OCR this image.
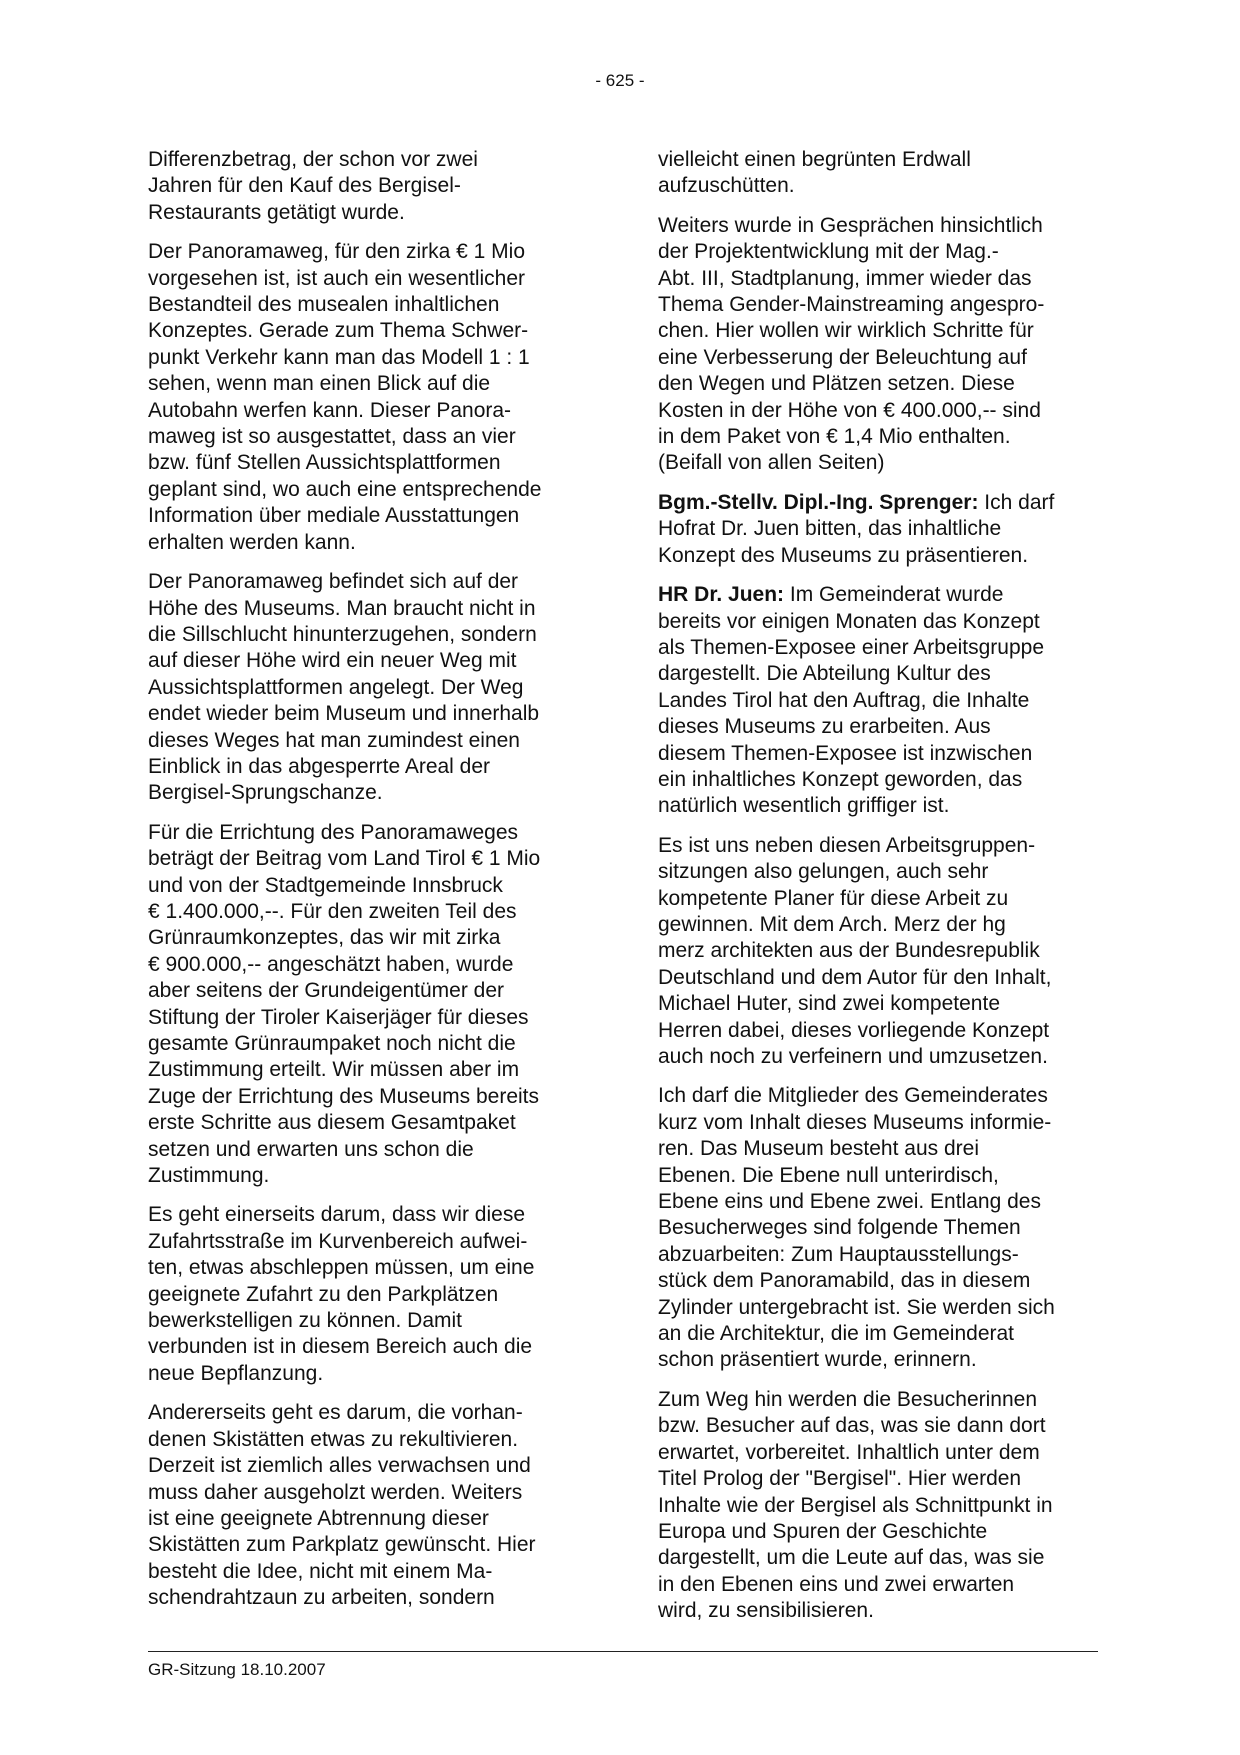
- 625 -

Differenzbetrag, der schon vor zwei
Jahren für den Kauf des Bergisel-
Restaurants getätigt wurde.

Der Panoramaweg, für den zirka € 1 Mio
vorgesehen ist, ist auch ein wesentlicher
Bestandteil des musealen inhaltlichen
Konzeptes. Gerade zum Thema Schwer-
punkt Verkehr kann man das Modell 1 : 1
sehen, wenn man einen Blick auf die
Autobahn werfen kann. Dieser Panora-
maweg ist so ausgestattet, dass an vier
bzw. fünf Stellen Aussichtsplattformen
geplant sind, wo auch eine entsprechende
Information über mediale Ausstattungen
erhalten werden kann.

Der Panoramaweg befindet sich auf der
Höhe des Museums. Man braucht nicht in
die Sillschlucht hinunterzugehen, sondern
auf dieser Höhe wird ein neuer Weg mit
Aussichtsplattformen angelegt. Der Weg
endet wieder beim Museum und innerhalb
dieses Weges hat man zumindest einen
Einblick in das abgesperrte Areal der
Bergisel-Sprungschanze.

Für die Errichtung des Panoramaweges
beträgt der Beitrag vom Land Tirol € 1 Mio
und von der Stadtgemeinde Innsbruck
€ 1.400.000,--. Für den zweiten Teil des
Grünraumkonzeptes, das wir mit zirka
€ 900.000,-- angeschätzt haben, wurde
aber seitens der Grundeigentümer der
Stiftung der Tiroler Kaiserjäger für dieses
gesamte Grünraumpaket noch nicht die
Zustimmung erteilt. Wir müssen aber im
Zuge der Errichtung des Museums bereits
erste Schritte aus diesem Gesamtpaket
setzen und erwarten uns schon die
Zustimmung.

Es geht einerseits darum, dass wir diese
Zufahrtsstraße im Kurvenbereich aufwei-
ten, etwas abschleppen müssen, um eine
geeignete Zufahrt zu den Parkplätzen
bewerkstelligen zu können. Damit
verbunden ist in diesem Bereich auch die
neue Bepflanzung.

Andererseits geht es darum, die vorhan-
denen Skistätten etwas zu rekultivieren.
Derzeit ist ziemlich alles verwachsen und
muss daher ausgeholzt werden. Weiters
ist eine geeignete Abtrennung dieser
Skistätten zum Parkplatz gewünscht. Hier
besteht die Idee, nicht mit einem Ma-
schendrahtzaun zu arbeiten, sondern

vielleicht einen begrünten Erdwall
aufzuschütten.

Weiters wurde in Gesprächen hinsichtlich
der Projektentwicklung mit der Mag.-
Abt. III, Stadtplanung, immer wieder das
Thema Gender-Mainstreaming angespro-
chen. Hier wollen wir wirklich Schritte für
eine Verbesserung der Beleuchtung auf
den Wegen und Plätzen setzen. Diese
Kosten in der Höhe von € 400.000,-- sind
in dem Paket von € 1,4 Mio enthalten.
(Beifall von allen Seiten)

Bgm.-Stellv. Dipl.-Ing. Sprenger: Ich darf
Hofrat Dr. Juen bitten, das inhaltliche
Konzept des Museums zu präsentieren.

HR Dr. Juen: Im Gemeinderat wurde
bereits vor einigen Monaten das Konzept
als Themen-Exposee einer Arbeitsgruppe
dargestellt. Die Abteilung Kultur des
Landes Tirol hat den Auftrag, die Inhalte
dieses Museums zu erarbeiten. Aus
diesem Themen-Exposee ist inzwischen
ein inhaltliches Konzept geworden, das
natürlich wesentlich griffiger ist.

Es ist uns neben diesen Arbeitsgruppen-
sitzungen also gelungen, auch sehr
kompetente Planer für diese Arbeit zu
gewinnen. Mit dem Arch. Merz der hg
merz architekten aus der Bundesrepublik
Deutschland und dem Autor für den Inhalt,
Michael Huter, sind zwei kompetente
Herren dabei, dieses vorliegende Konzept
auch noch zu verfeinern und umzusetzen.

Ich darf die Mitglieder des Gemeinderates
kurz vom Inhalt dieses Museums informie-
ren. Das Museum besteht aus drei
Ebenen. Die Ebene null unterirdisch,
Ebene eins und Ebene zwei. Entlang des
Besucherweges sind folgende Themen
abzuarbeiten: Zum Hauptausstellungs-
stück dem Panoramabild, das in diesem
Zylinder untergebracht ist. Sie werden sich
an die Architektur, die im Gemeinderat
schon präsentiert wurde, erinnern.

Zum Weg hin werden die Besucherinnen
bzw. Besucher auf das, was sie dann dort
erwartet, vorbereitet. Inhaltlich unter dem
Titel Prolog der "Bergisel". Hier werden
Inhalte wie der Bergisel als Schnittpunkt in
Europa und Spuren der Geschichte
dargestellt, um die Leute auf das, was sie
in den Ebenen eins und zwei erwarten
wird, zu sensibilisieren.

GR-Sitzung 18.10.2007
